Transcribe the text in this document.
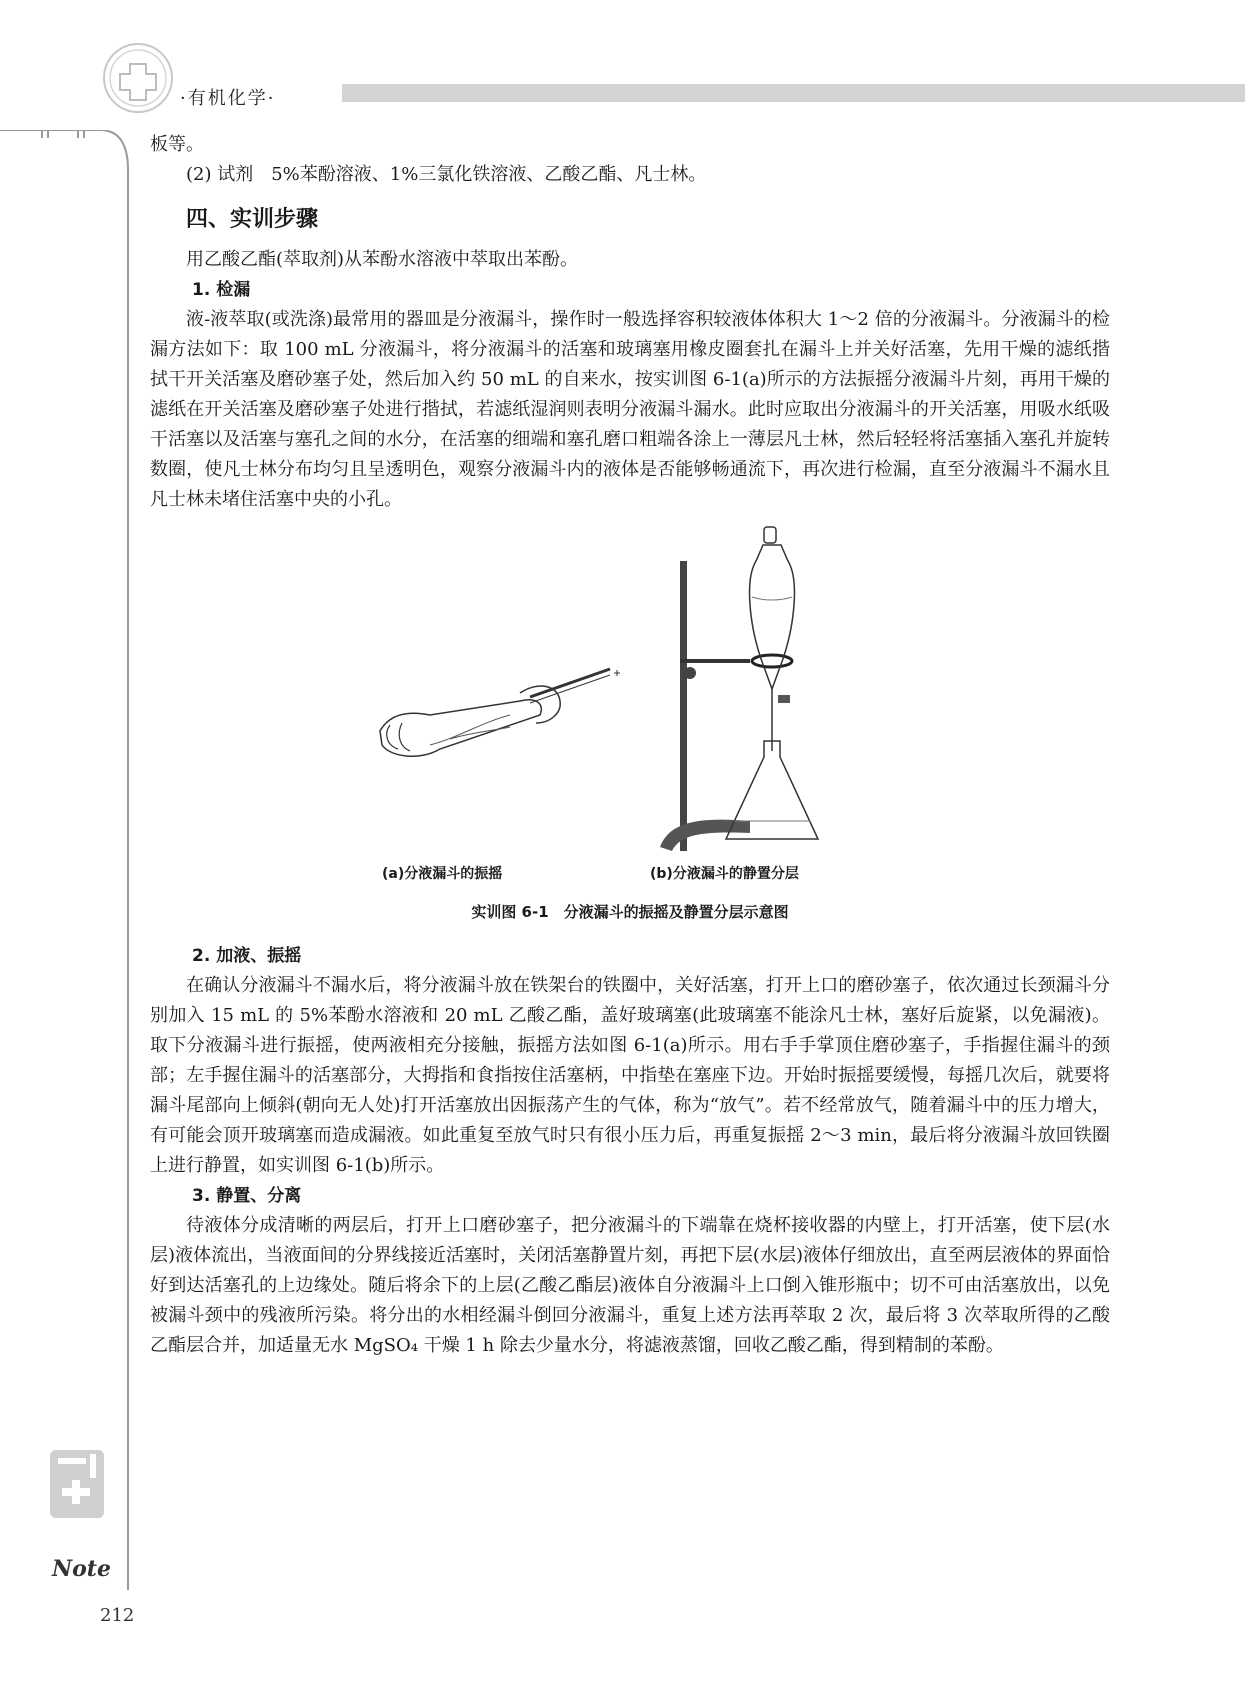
·有机化学·

板等。

(2) 试剂　5%苯酚溶液、1%三氯化铁溶液、乙酸乙酯、凡士林。

四、实训步骤

用乙酸乙酯(萃取剂)从苯酚水溶液中萃取出苯酚。

1. 检漏

液-液萃取(或洗涤)最常用的器皿是分液漏斗，操作时一般选择容积较液体体积大 1～2 倍的分液漏斗。分液漏斗的检漏方法如下：取 100 mL 分液漏斗，将分液漏斗的活塞和玻璃塞用橡皮圈套扎在漏斗上并关好活塞，先用干燥的滤纸揩拭干开关活塞及磨砂塞子处，然后加入约 50 mL 的自来水，按实训图 6-1(a)所示的方法振摇分液漏斗片刻，再用干燥的滤纸在开关活塞及磨砂塞子处进行揩拭，若滤纸湿润则表明分液漏斗漏水。此时应取出分液漏斗的开关活塞，用吸水纸吸干活塞以及活塞与塞孔之间的水分，在活塞的细端和塞孔磨口粗端各涂上一薄层凡士林，然后轻轻将活塞插入塞孔并旋转数圈，使凡士林分布均匀且呈透明色，观察分液漏斗内的液体是否能够畅通流下，再次进行检漏，直至分液漏斗不漏水且凡士林未堵住活塞中央的小孔。

(a)分液漏斗的振摇	(b)分液漏斗的静置分层
实训图 6-1　分液漏斗的振摇及静置分层示意图
2. 加液、振摇

在确认分液漏斗不漏水后，将分液漏斗放在铁架台的铁圈中，关好活塞，打开上口的磨砂塞子，依次通过长颈漏斗分别加入 15 mL 的 5%苯酚水溶液和 20 mL 乙酸乙酯，盖好玻璃塞(此玻璃塞不能涂凡士林，塞好后旋紧，以免漏液)。取下分液漏斗进行振摇，使两液相充分接触，振摇方法如图 6-1(a)所示。用右手手掌顶住磨砂塞子，手指握住漏斗的颈部；左手握住漏斗的活塞部分，大拇指和食指按住活塞柄，中指垫在塞座下边。开始时振摇要缓慢，每摇几次后，就要将漏斗尾部向上倾斜(朝向无人处)打开活塞放出因振荡产生的气体，称为“放气”。若不经常放气，随着漏斗中的压力增大，有可能会顶开玻璃塞而造成漏液。如此重复至放气时只有很小压力后，再重复振摇 2～3 min，最后将分液漏斗放回铁圈上进行静置，如实训图 6-1(b)所示。

3. 静置、分离

待液体分成清晰的两层后，打开上口磨砂塞子，把分液漏斗的下端靠在烧杯接收器的内壁上，打开活塞，使下层(水层)液体流出，当液面间的分界线接近活塞时，关闭活塞静置片刻，再把下层(水层)液体仔细放出，直至两层液体的界面恰好到达活塞孔的上边缘处。随后将余下的上层(乙酸乙酯层)液体自分液漏斗上口倒入锥形瓶中；切不可由活塞放出，以免被漏斗颈中的残液所污染。将分出的水相经漏斗倒回分液漏斗，重复上述方法再萃取 2 次，最后将 3 次萃取所得的乙酸乙酯层合并，加适量无水 MgSO₄ 干燥 1 h 除去少量水分，将滤液蒸馏，回收乙酸乙酯，得到精制的苯酚。

Note
212
